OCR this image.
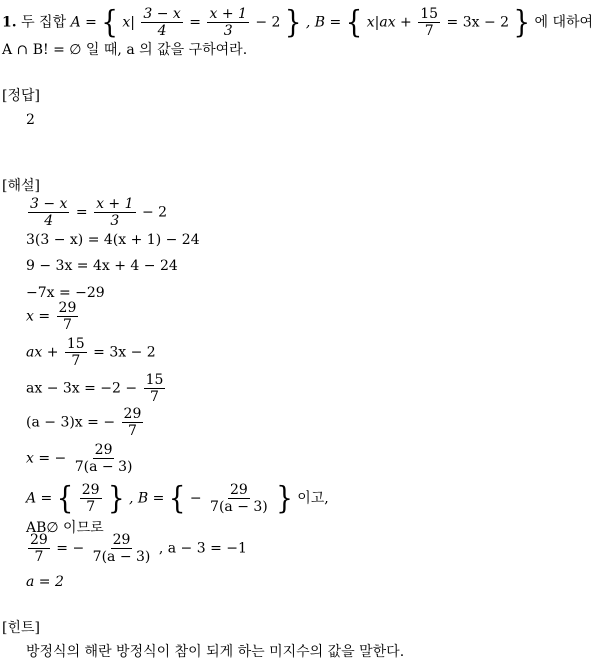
1. 두 집합 A = { $x| \frac{3 - x}{4} = \frac{x + 1}{3} - 2$ } , B = { $x|ax + \frac{15}{7} = 3x - 2$ } 에 대하여
A ∩ B! = ∅ 일 때, a 의 값을 구하여라.
[정답]
2
[해설]
$\frac{3 - x}{4} = \frac{x + 1}{3} - 2$
3(3 − x) = 4(x + 1) − 24
9 − 3x = 4x + 4 − 24
−7x = −29
$x = \frac{29}{7}$
ax + $\frac{15}{7} = 3x - 2$
ax − $3x = -2 - \frac{15}{7}$
(a − 3)x = − $\frac{29}{7}$
x = − $\frac{29}{7(a - 3)}$
A = { $\frac{29}{7}$ } , B = { − $\frac{29}{7(a - 3)}$ } 이고,
AB∅ 이므로
$\frac{29}{7}$ = − $\frac{29}{7(a - 3)}$ , a − 3 = −1
a = 2
[힌트]
방정식의 해란 방정식이 참이 되게 하는 미지수의 값을 말한다.
